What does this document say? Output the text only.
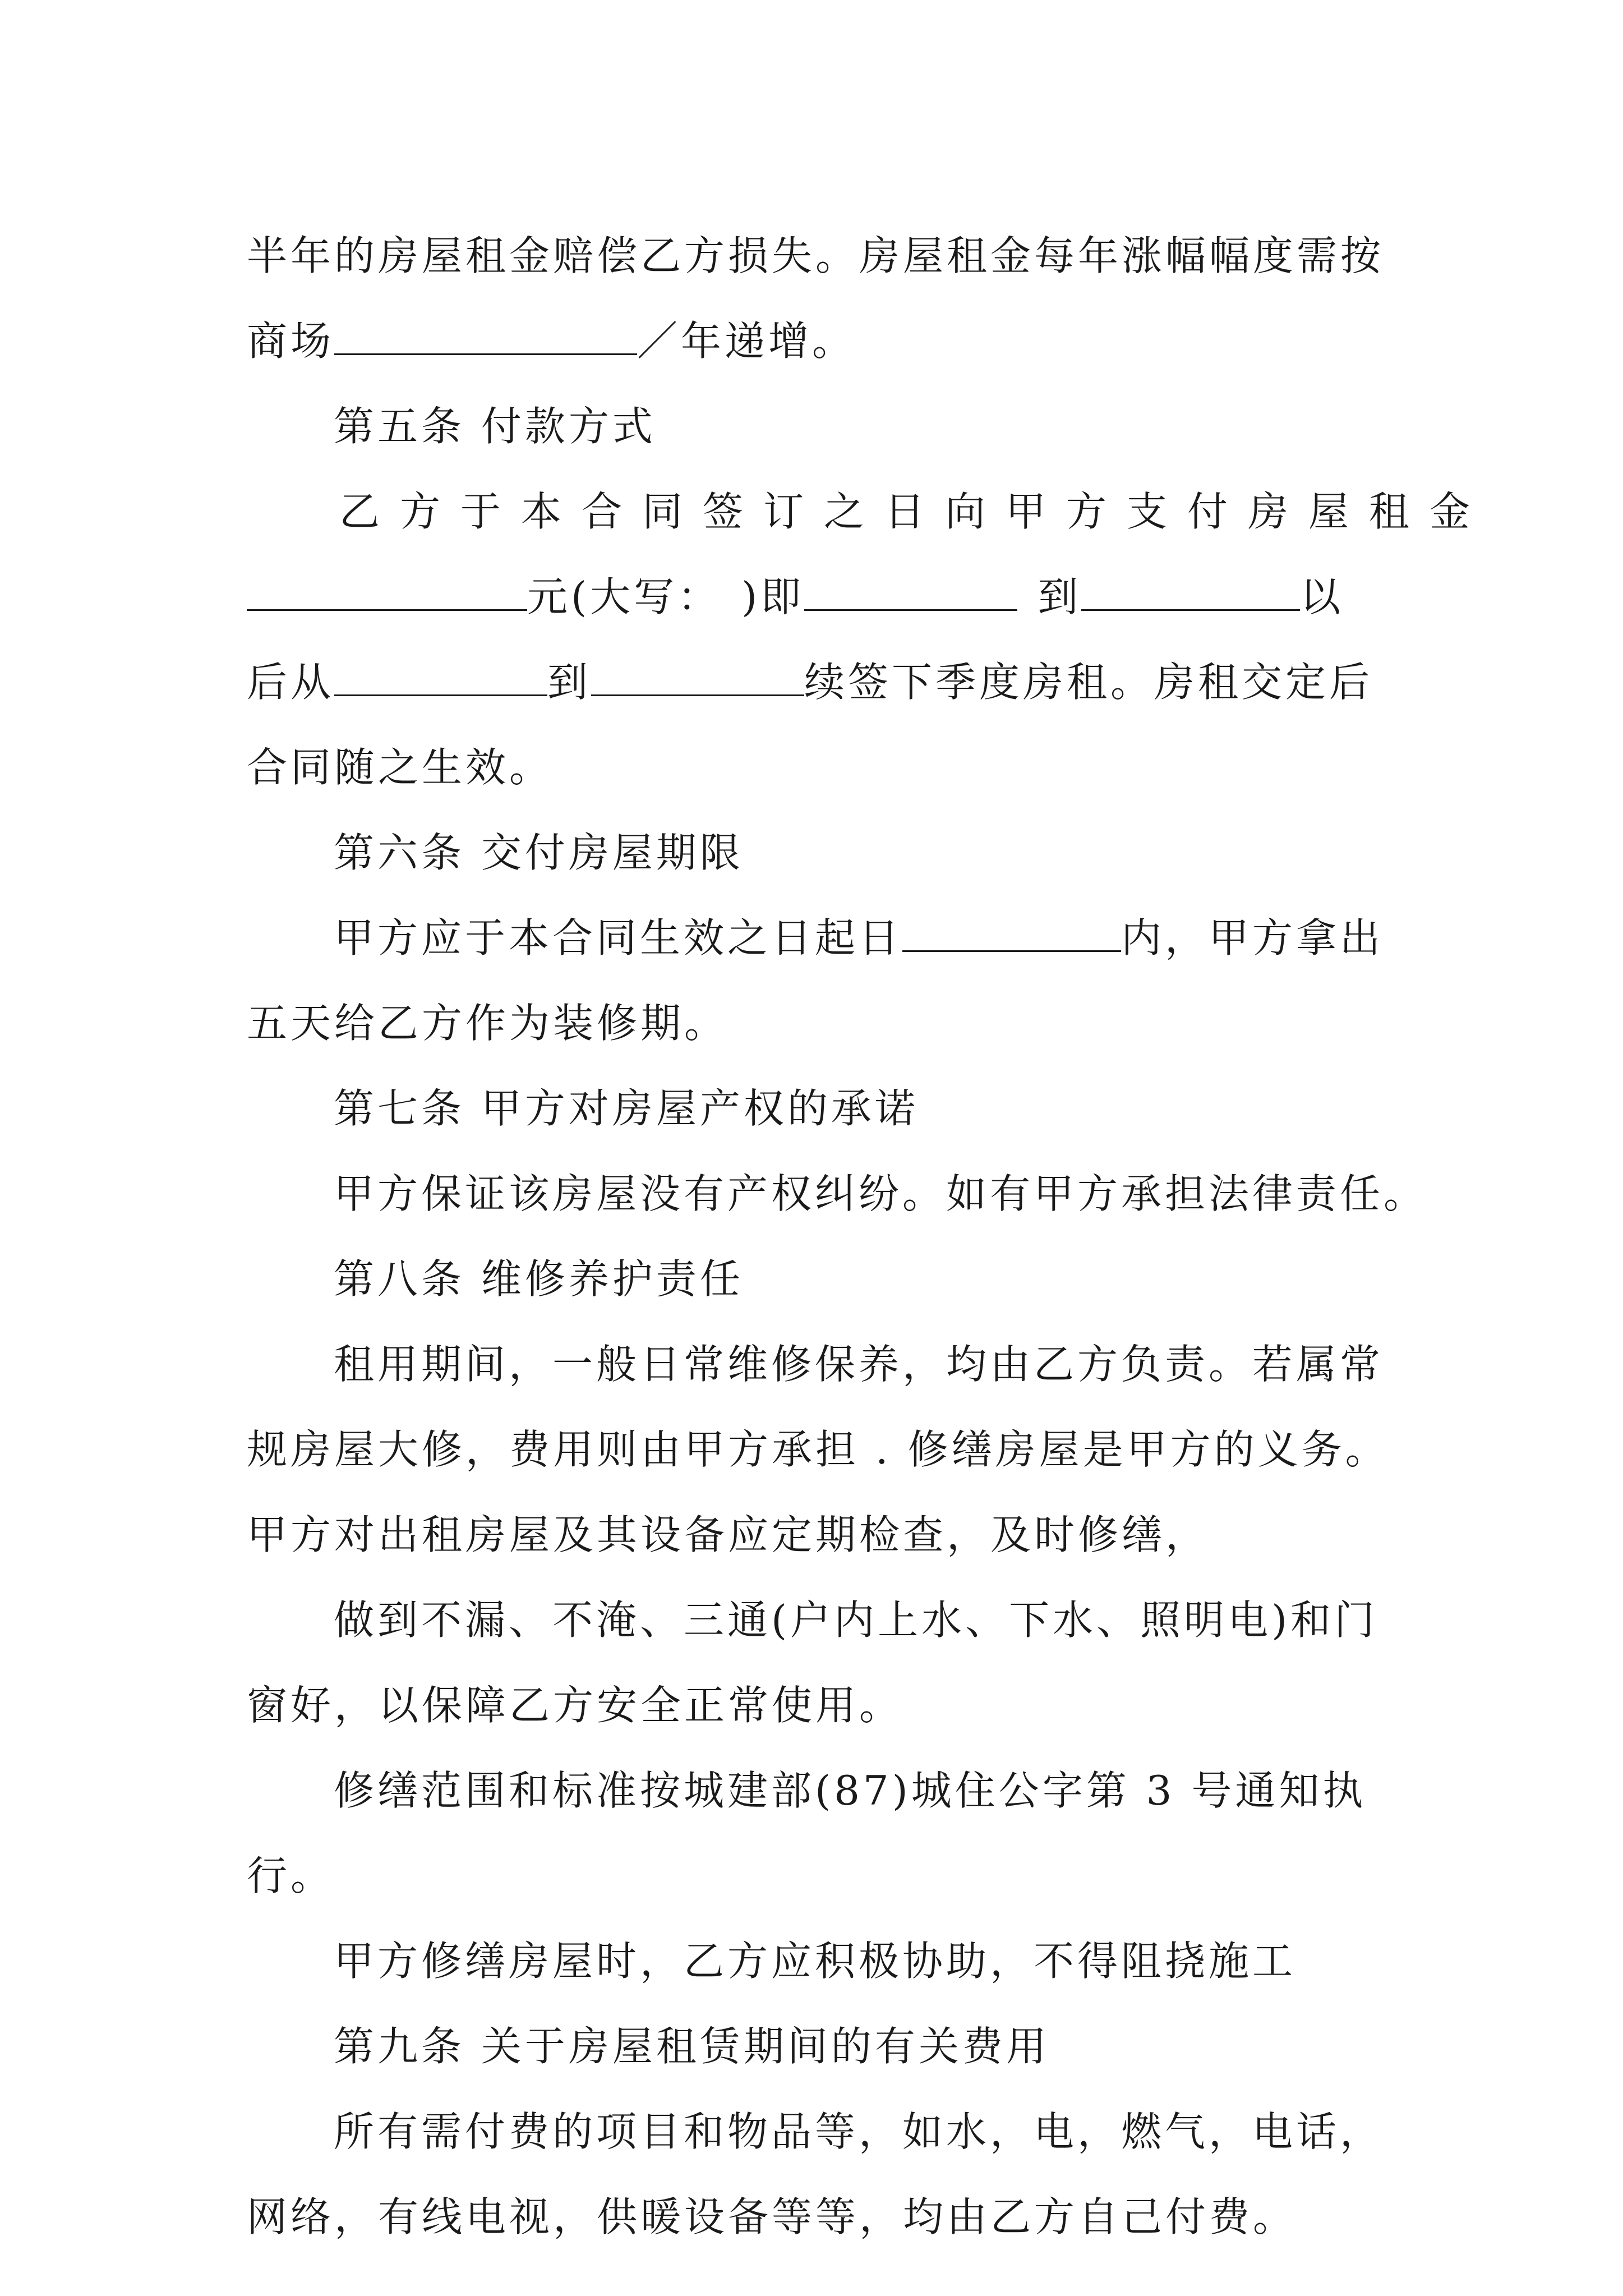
半年的房屋租金赔偿乙方损失。房屋租金每年涨幅幅度需按
商场	／年递增。
第五条 付款方式
乙方于本合同签订之日向甲方支付房屋租金
元(大写： )即	到	以
后从	到	续签下季度房租。房租交定后
合同随之生效。
第六条 交付房屋期限
甲方应于本合同生效之日起日	内，甲方拿出
五天给乙方作为装修期。
第七条 甲方对房屋产权的承诺
甲方保证该房屋没有产权纠纷。如有甲方承担法律责任。
第八条 维修养护责任
租用期间，一般日常维修保养，均由乙方负责。若属常
规房屋大修，费用则由甲方承担 . 修缮房屋是甲方的义务。
甲方对出租房屋及其设备应定期检查，及时修缮，
做到不漏、不淹、三通(户内上水、下水、照明电)和门
窗好，以保障乙方安全正常使用。
修缮范围和标准按城建部(87)城住公字第 3 号通知执
行。
甲方修缮房屋时，乙方应积极协助，不得阻挠施工
第九条 关于房屋租赁期间的有关费用
所有需付费的项目和物品等，如水，电，燃气，电话，
网络，有线电视，供暖设备等等，均由乙方自己付费。
